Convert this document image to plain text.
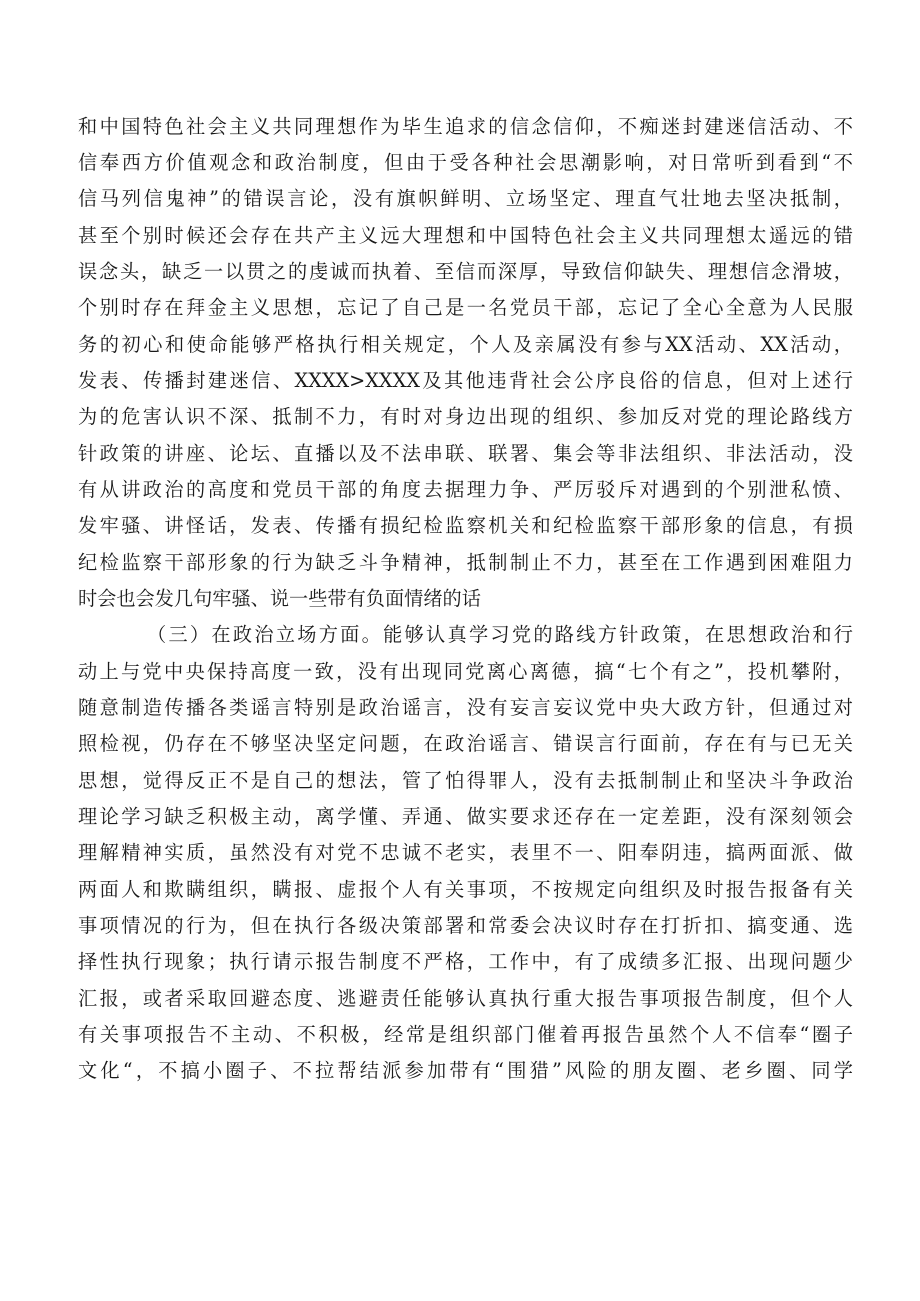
和中国特色社会主义共同理想作为毕生追求的信念信仰，不痴迷封建迷信活动、不
信奉西方价值观念和政治制度，但由于受各种社会思潮影响，对日常听到看到“不
信马列信鬼神”的错误言论，没有旗帜鲜明、立场坚定、理直气壮地去坚决抵制，
甚至个别时候还会存在共产主义远大理想和中国特色社会主义共同理想太遥远的错
误念头，缺乏一以贯之的虔诚而执着、至信而深厚，导致信仰缺失、理想信念滑坡，
个别时存在拜金主义思想，忘记了自己是一名党员干部，忘记了全心全意为人民服
务的初心和使命能够严格执行相关规定，个人及亲属没有参与XX活动、XX活动，
发表、传播封建迷信、XXXX>XXXX及其他违背社会公序良俗的信息，但对上述行
为的危害认识不深、抵制不力，有时对身边出现的组织、参加反对党的理论路线方
针政策的讲座、论坛、直播以及不法串联、联署、集会等非法组织、非法活动，没
有从讲政治的高度和党员干部的角度去据理力争、严厉驳斥对遇到的个别泄私愤、
发牢骚、讲怪话，发表、传播有损纪检监察机关和纪检监察干部形象的信息，有损
纪检监察干部形象的行为缺乏斗争精神，抵制制止不力，甚至在工作遇到困难阻力
时会也会发几句牢骚、说一些带有负面情绪的话
（三）在政治立场方面。能够认真学习党的路线方针政策，在思想政治和行
动上与党中央保持高度一致，没有出现同党离心离德，搞“七个有之”，投机攀附，
随意制造传播各类谣言特别是政治谣言，没有妄言妄议党中央大政方针，但通过对
照检视，仍存在不够坚决坚定问题，在政治谣言、错误言行面前，存在有与已无关
思想，觉得反正不是自己的想法，管了怕得罪人，没有去抵制制止和坚决斗争政治
理论学习缺乏积极主动，离学懂、弄通、做实要求还存在一定差距，没有深刻领会
理解精神实质，虽然没有对党不忠诚不老实，表里不一、阳奉阴违，搞两面派、做
两面人和欺瞒组织，瞒报、虚报个人有关事项，不按规定向组织及时报告报备有关
事项情况的行为，但在执行各级决策部署和常委会决议时存在打折扣、搞变通、选
择性执行现象；执行请示报告制度不严格，工作中，有了成绩多汇报、出现问题少
汇报，或者采取回避态度、逃避责任能够认真执行重大报告事项报告制度，但个人
有关事项报告不主动、不积极，经常是组织部门催着再报告虽然个人不信奉“圈子
文化“，不搞小圈子、不拉帮结派参加带有“围猎”风险的朋友圈、老乡圈、同学
